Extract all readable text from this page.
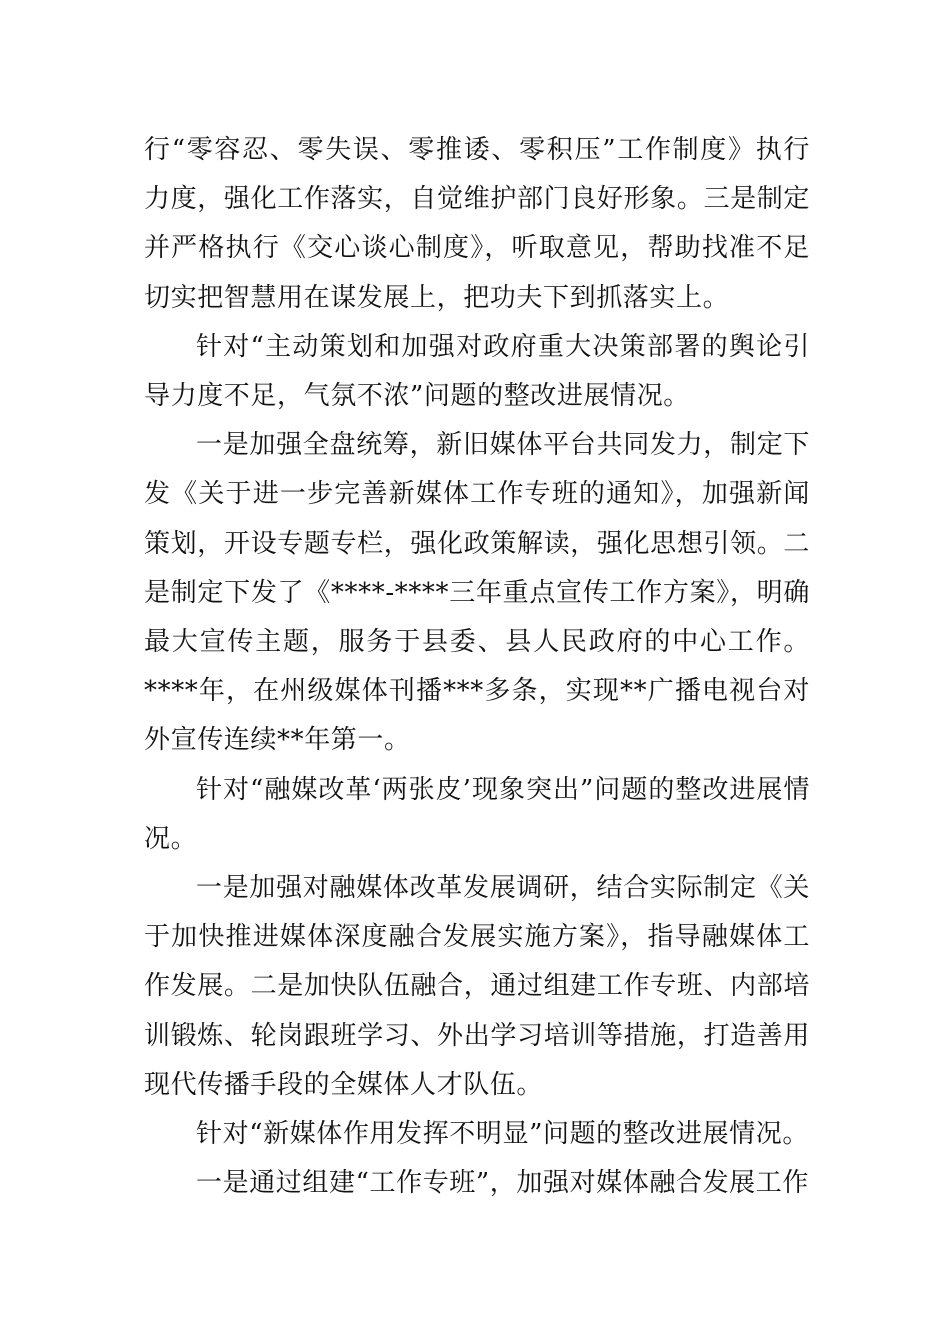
行“零容忍、零失误、零推诿、零积压”工作制度》执行力度，强化工作落实，自觉维护部门良好形象。三是制定并严格执行《交心谈心制度》，听取意见，帮助找准不足切实把智慧用在谋发展上，把功夫下到抓落实上。

针对“主动策划和加强对政府重大决策部署的舆论引导力度不足，气氛不浓”问题的整改进展情况。

一是加强全盘统筹，新旧媒体平台共同发力，制定下发《关于进一步完善新媒体工作专班的通知》，加强新闻策划，开设专题专栏，强化政策解读，强化思想引领。二是制定下发了《****-****三年重点宣传工作方案》，明确最大宣传主题，服务于县委、县人民政府的中心工作。****年，在州级媒体刊播***多条，实现**广播电视台对外宣传连续**年第一。

针对“融媒改革‘两张皮’现象突出”问题的整改进展情况。

一是加强对融媒体改革发展调研，结合实际制定《关于加快推进媒体深度融合发展实施方案》，指导融媒体工作发展。二是加快队伍融合，通过组建工作专班、内部培训锻炼、轮岗跟班学习、外出学习培训等措施，打造善用现代传播手段的全媒体人才队伍。

针对“新媒体作用发挥不明显”问题的整改进展情况。

一是通过组建“工作专班”，加强对媒体融合发展工作
